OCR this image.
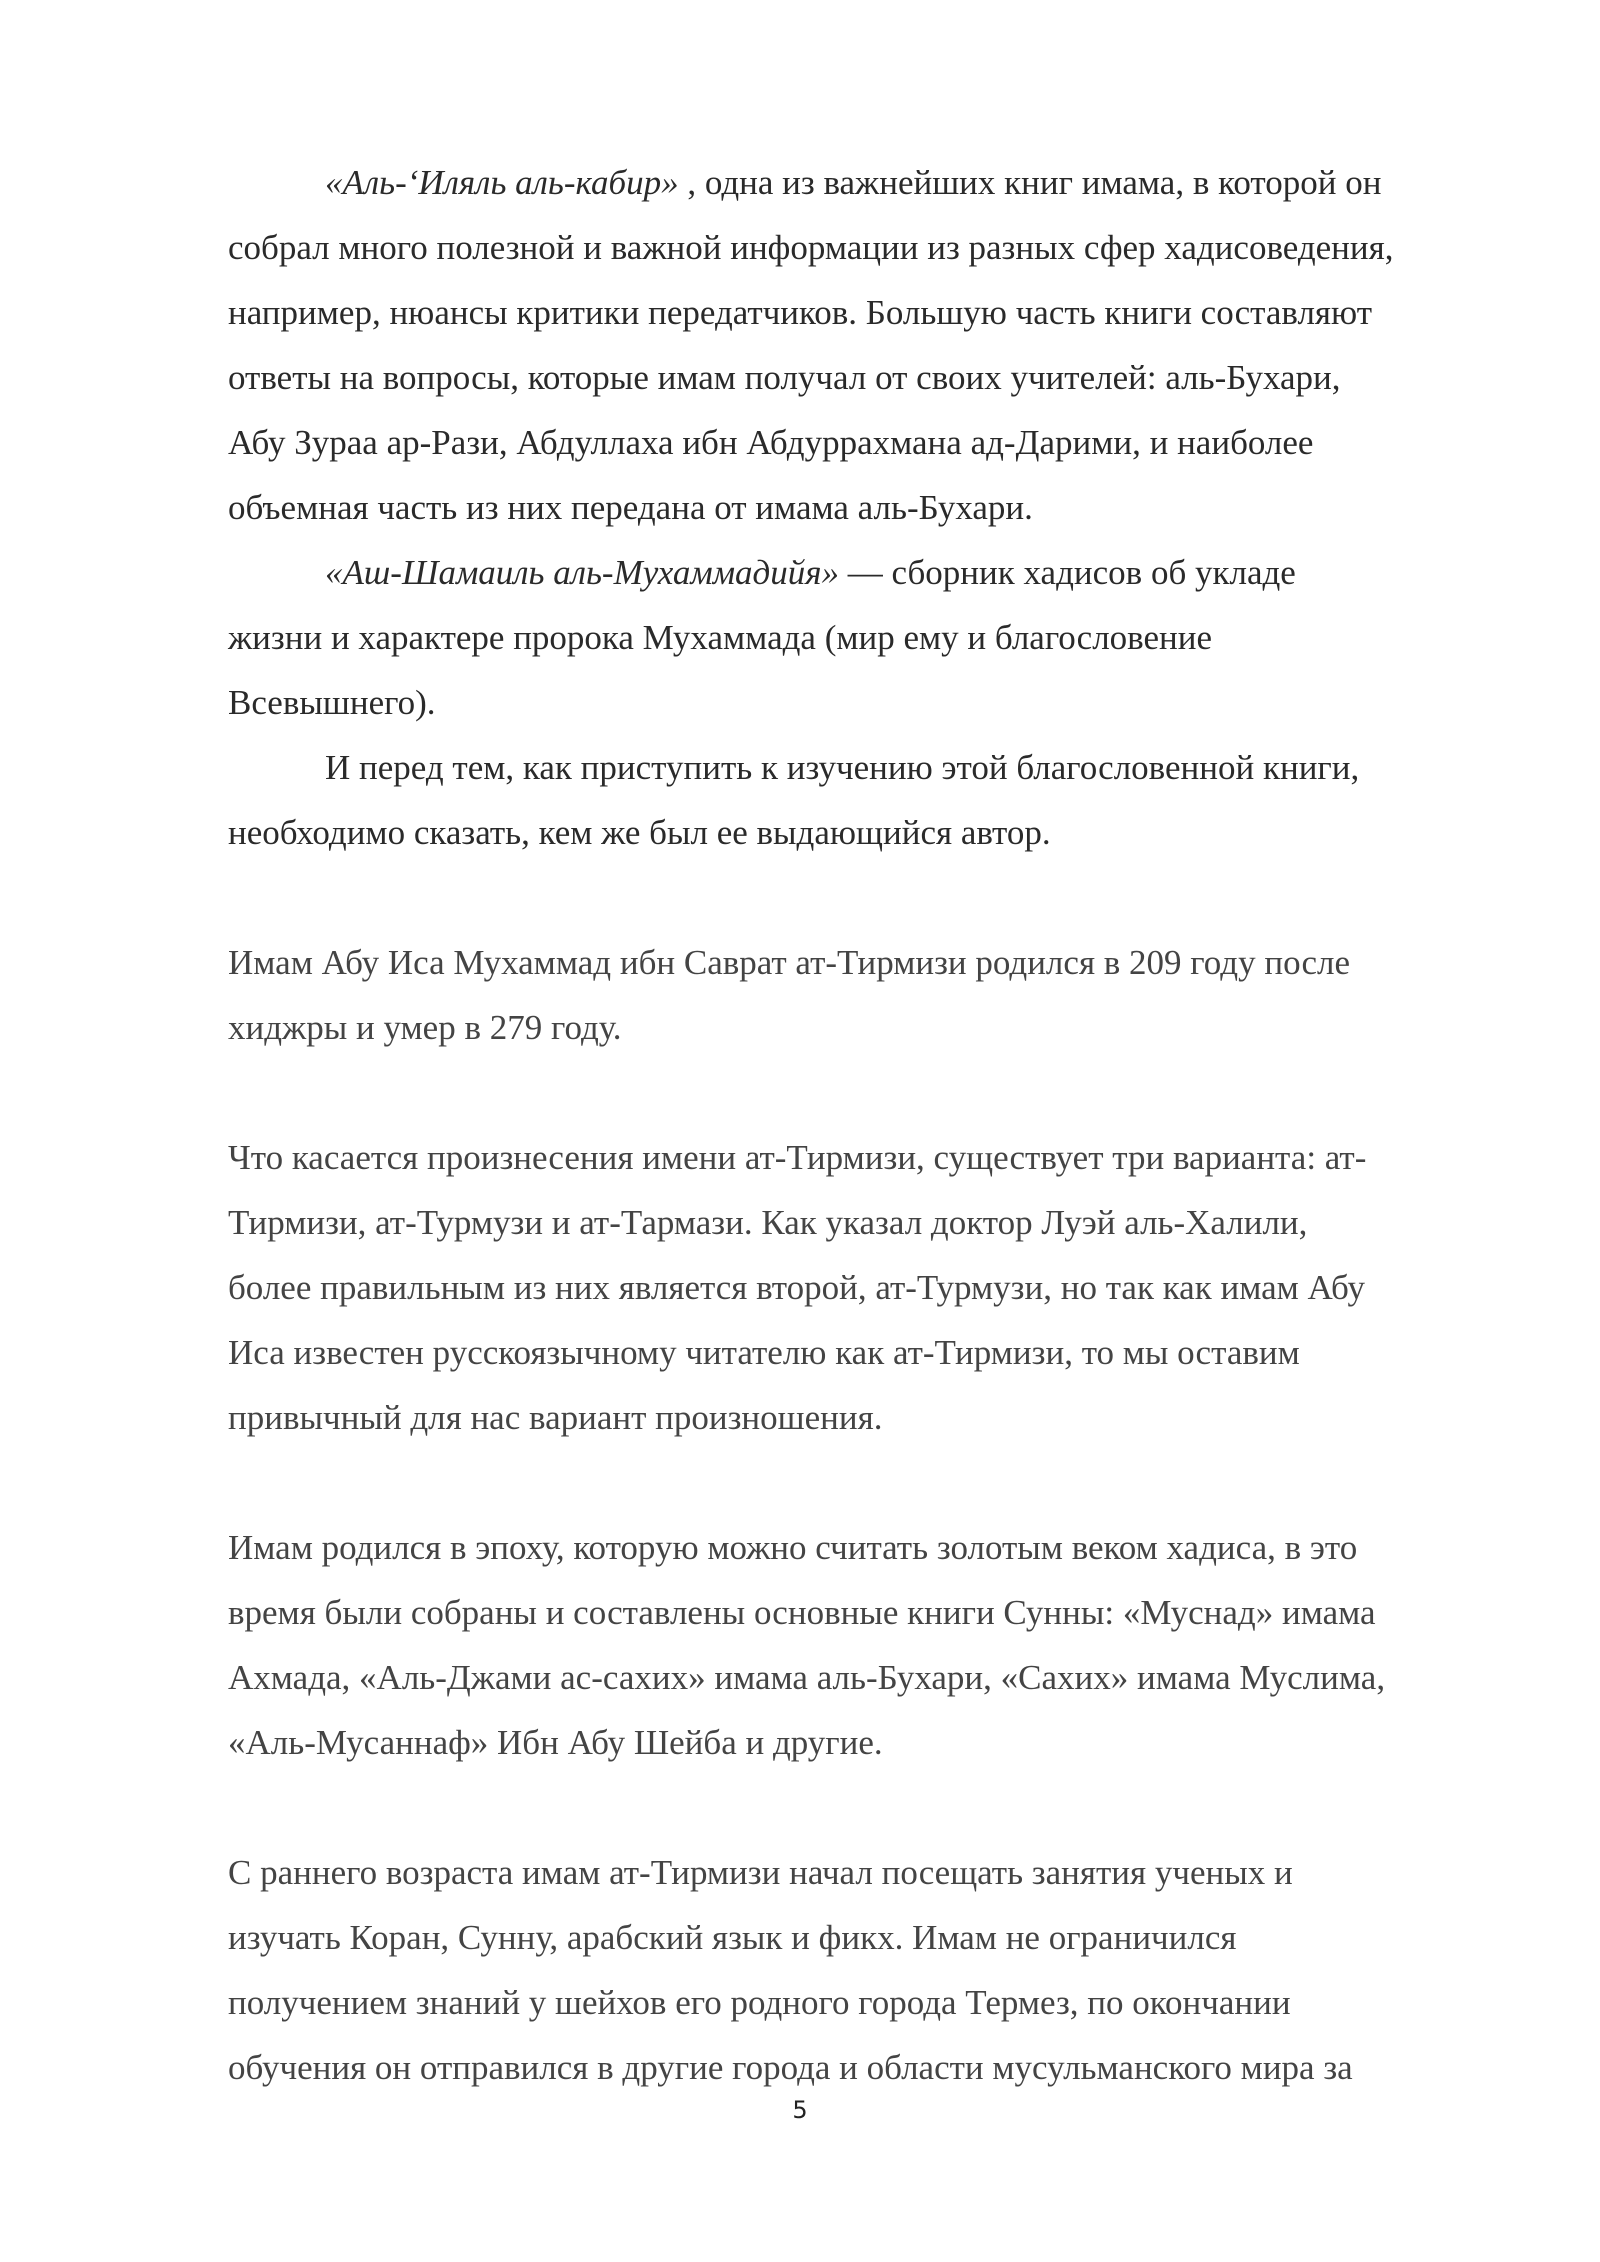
«Аль-‘Иляль аль-кабир» , одна из важнейших книг имама, в которой он
собрал много полезной и важной информации из разных сфер хадисоведения,
например, нюансы критики передатчиков. Большую часть книги составляют
ответы на вопросы, которые имам получал от своих учителей: аль-Бухари,
Абу Зураа ар-Рази, Абдуллаха ибн Абдуррахмана ад-Дарими, и наиболее
объемная часть из них передана от имама аль-Бухари.
«Аш-Шамаиль аль-Мухаммадийя» — сборник хадисов об укладе
жизни и характере пророка Мухаммада (мир ему и благословение
Всевышнего).
И перед тем, как приступить к изучению этой благословенной книги,
необходимо сказать, кем же был ее выдающийся автор.
Имам Абу Иса Мухаммад ибн Саврат ат-Тирмизи родился в 209 году после
хиджры и умер в 279 году.
Что касается произнесения имени ат-Тирмизи, существует три варианта: ат-
Тирмизи, ат-Турмузи и ат-Тармази. Как указал доктор Луэй аль-Халили,
более правильным из них является второй, ат-Турмузи, но так как имам Абу
Иса известен русскоязычному читателю как ат-Тирмизи, то мы оставим
привычный для нас вариант произношения.
Имам родился в эпоху, которую можно считать золотым веком хадиса, в это
время были собраны и составлены основные книги Сунны: «Муснад» имама
Ахмада, «Аль-Джами ас-сахих» имама аль-Бухари, «Сахих» имама Муслима,
«Аль-Мусаннаф» Ибн Абу Шейба и другие.
С раннего возраста имам ат-Тирмизи начал посещать занятия ученых и
изучать Коран, Сунну, арабский язык и фикх. Имам не ограничился
получением знаний у шейхов его родного города Термез, по окончании
обучения он отправился в другие города и области мусульманского мира за
5
